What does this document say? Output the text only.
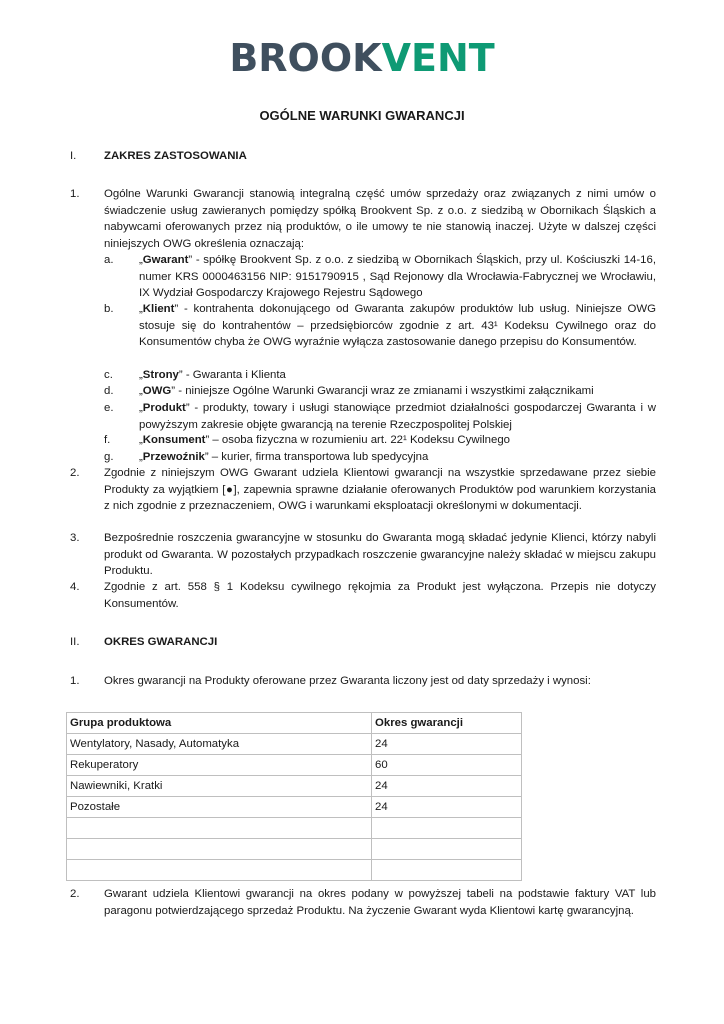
BROOKVENT
OGÓLNE WARUNKI GWARANCJI
I. ZAKRES ZASTOSOWANIA
1. Ogólne Warunki Gwarancji stanowią integralną część umów sprzedaży oraz związanych z nimi umów o świadczenie usług zawieranych pomiędzy spółką Brookvent Sp. z o.o. z siedzibą w Obornikach Śląskich a nabywcami oferowanych przez nią produktów, o ile umowy te nie stanowią inaczej. Użyte w dalszej części niniejszych OWG określenia oznaczają:
a. „Gwarant” - spółkę Brookvent Sp. z o.o. z siedzibą w Obornikach Śląskich, przy ul. Kościuszki 14-16, numer KRS 0000463156 NIP: 9151790915 , Sąd Rejonowy dla Wrocławia-Fabrycznej we Wrocławiu, IX Wydział Gospodarczy Krajowego Rejestru Sądowego
b. „Klient” - kontrahenta dokonującego od Gwaranta zakupów produktów lub usług. Niniejsze OWG stosuje się do kontrahentów – przedsiębiorców zgodnie z art. 43¹ Kodeksu Cywilnego oraz do Konsumentów chyba że OWG wyraźnie wyłącza zastosowanie danego przepisu do Konsumentów.
c. „Strony” - Gwaranta i Klienta
d. „OWG” - niniejsze Ogólne Warunki Gwarancji wraz ze zmianami i wszystkimi załącznikami
e. „Produkt” - produkty, towary i usługi stanowiące przedmiot działalności gospodarczej Gwaranta i w powyższym zakresie objęte gwarancją na terenie Rzeczpospolitej Polskiej
f.	„Konsument” – osoba fizyczna w rozumieniu art. 22¹ Kodeksu Cywilnego
g. „Przewoźnik” – kurier, firma transportowa lub spedycyjna
2. Zgodnie z niniejszym OWG Gwarant udziela Klientowi gwarancji na wszystkie sprzedawane przez siebie Produkty za wyjątkiem [●], zapewnia sprawne działanie oferowanych Produktów pod warunkiem korzystania z nich zgodnie z przeznaczeniem, OWG i warunkami eksploatacji określonymi w dokumentacji.
3. Bezpośrednie roszczenia gwarancyjne w stosunku do Gwaranta mogą składać jedynie Klienci, którzy nabyli produkt od Gwaranta. W pozostałych przypadkach roszczenie gwarancyjne należy składać w miejscu zakupu Produktu.
4. Zgodnie z art. 558 § 1 Kodeksu cywilnego rękojmia za Produkt jest wyłączona. Przepis nie dotyczy Konsumentów.
II. OKRES GWARANCJI
1. Okres gwarancji na Produkty oferowane przez Gwaranta liczony jest od daty sprzedaży i wynosi:
Grupa produktowa	Okres gwarancji
Wentylatory, Nasady, Automatyka	24
Rekuperatory	60
Nawiewniki, Kratki	24
Pozostałe	24

2. Gwarant udziela Klientowi gwarancji na okres podany w powyższej tabeli na podstawie faktury VAT lub paragonu potwierdzającego sprzedaż Produktu. Na życzenie Gwarant wyda Klientowi kartę gwarancyjną.
